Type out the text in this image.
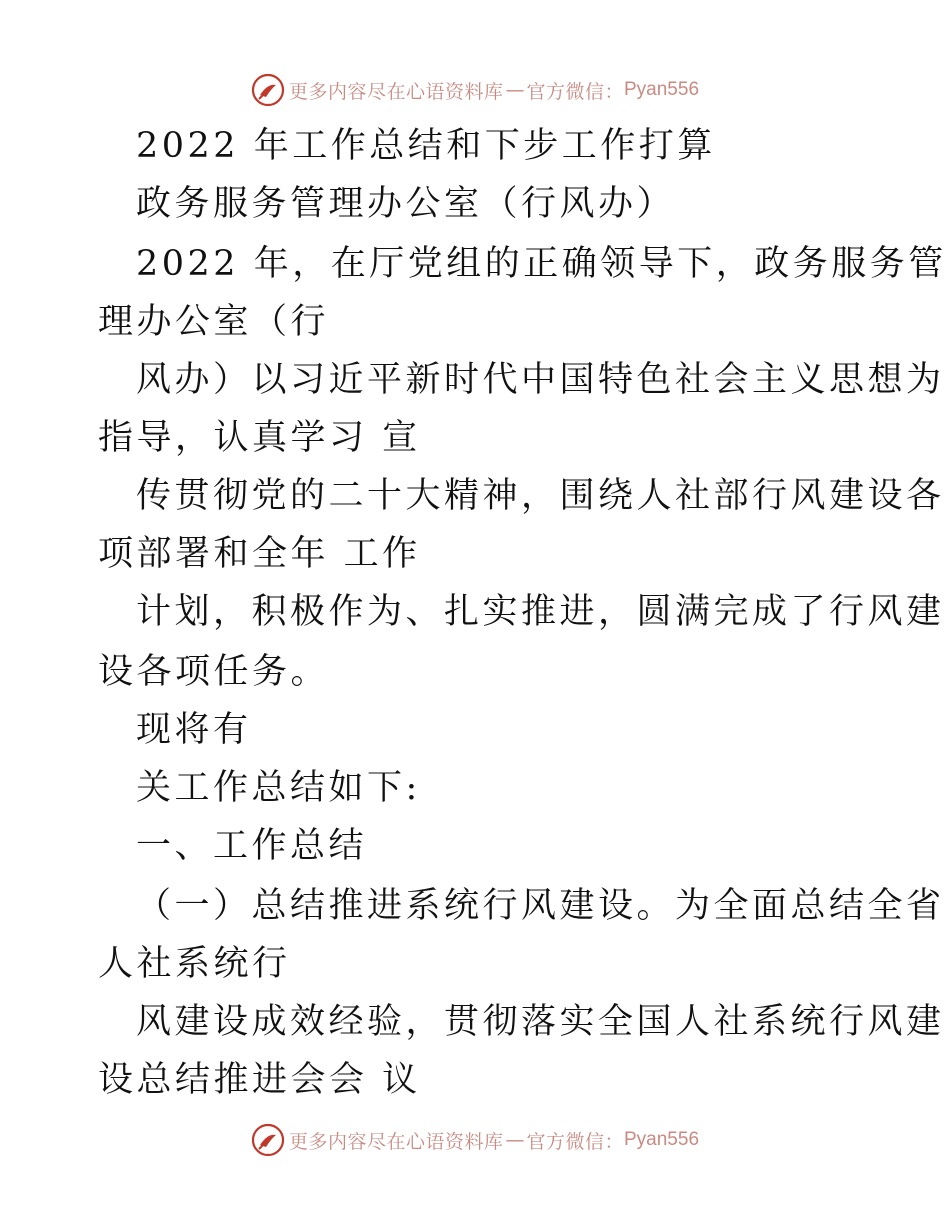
更多内容尽在心语资料库 — 官方微信： Pyan556
2022 年工作总结和下步工作打算
政务服务管理办公室（行风办）
2022 年，在厅党组的正确领导下，政务服务管
理办公室（行
风办）以习近平新时代中国特色社会主义思想为
指导，认真学习 宣
传贯彻党的二十大精神，围绕人社部行风建设各
项部署和全年 工作
计划，积极作为、扎实推进，圆满完成了行风建
设各项任务。
现将有
关工作总结如下:
一、工作总结
（一）总结推进系统行风建设。为全面总结全省
人社系统行
风建设成效经验，贯彻落实全国人社系统行风建
设总结推进会会 议
更多内容尽在心语资料库 — 官方微信： Pyan556
